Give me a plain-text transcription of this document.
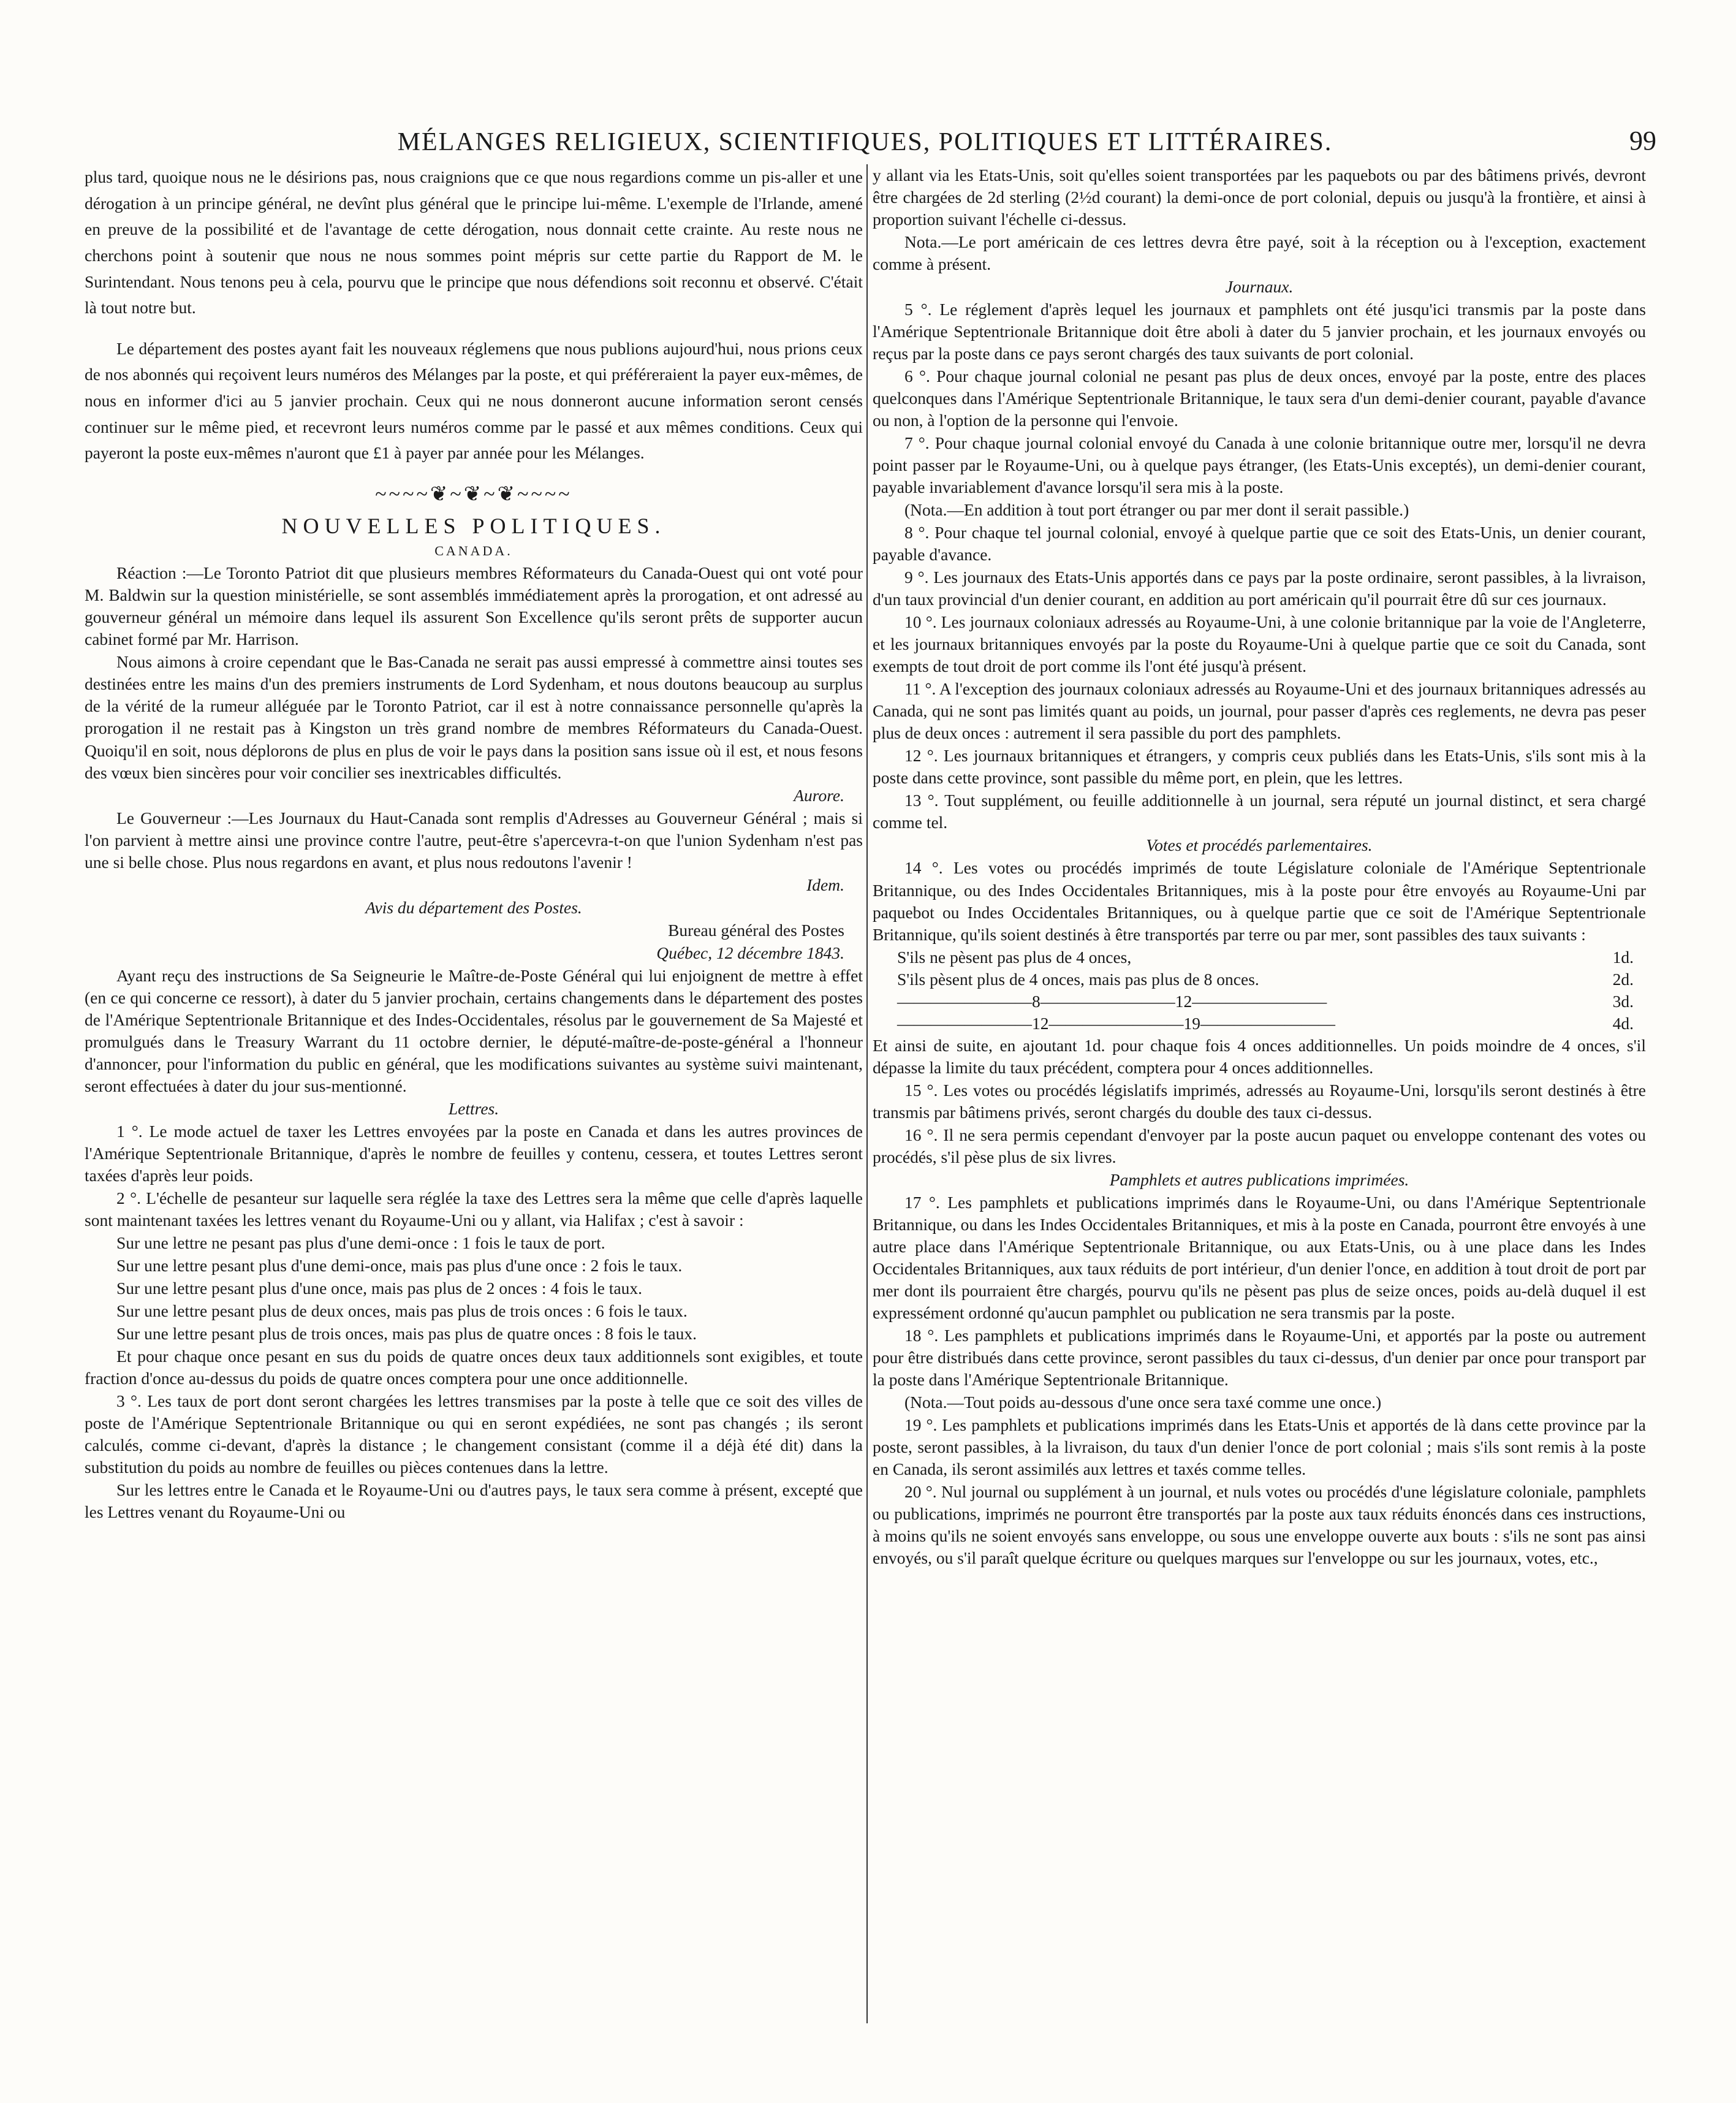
MÉLANGES RELIGIEUX, SCIENTIFIQUES, POLITIQUES ET LITTÉRAIRES.	99

plus tard, quoique nous ne le désirions pas, nous craignions que ce que nous regardions comme un pis-aller et une dérogation à un principe général, ne devînt plus général que le principe lui-même. L'exemple de l'Irlande, amené en preuve de la possibilité et de l'avantage de cette dérogation, nous donnait cette crainte. Au reste nous ne cherchons point à soutenir que nous ne nous sommes point mépris sur cette partie du Rapport de M. le Surintendant. Nous tenons peu à cela, pourvu que le principe que nous défendions soit reconnu et observé. C'était là tout notre but.

Le département des postes ayant fait les nouveaux réglemens que nous publions aujourd'hui, nous prions ceux de nos abonnés qui reçoivent leurs numéros des Mélanges par la poste, et qui préféreraient la payer eux-mêmes, de nous en informer d'ici au 5 janvier prochain. Ceux qui ne nous donneront aucune information seront censés continuer sur le même pied, et recevront leurs numéros comme par le passé et aux mêmes conditions. Ceux qui payeront la poste eux-mêmes n'auront que £1 à payer par année pour les Mélanges.

~~~~❦~❦~❦~~~~
NOUVELLES POLITIQUES.
CANADA.

Réaction :—Le Toronto Patriot dit que plusieurs membres Réformateurs du Canada-Ouest qui ont voté pour M. Baldwin sur la question ministérielle, se sont assemblés immédiatement après la prorogation, et ont adressé au gouverneur général un mémoire dans lequel ils assurent Son Excellence qu'ils seront prêts de supporter aucun cabinet formé par Mr. Harrison.

Nous aimons à croire cependant que le Bas-Canada ne serait pas aussi empressé à commettre ainsi toutes ses destinées entre les mains d'un des premiers instruments de Lord Sydenham, et nous doutons beaucoup au surplus de la vérité de la rumeur alléguée par le Toronto Patriot, car il est à notre connaissance personnelle qu'après la prorogation il ne restait pas à Kingston un très grand nombre de membres Réformateurs du Canada-Ouest. Quoiqu'il en soit, nous déplorons de plus en plus de voir le pays dans la position sans issue où il est, et nous fesons des vœux bien sincères pour voir concilier ses inextricables difficultés.

Aurore.

Le Gouverneur :—Les Journaux du Haut-Canada sont remplis d'Adresses au Gouverneur Général ; mais si l'on parvient à mettre ainsi une province contre l'autre, peut-être s'apercevra-t-on que l'union Sydenham n'est pas une si belle chose. Plus nous regardons en avant, et plus nous redoutons l'avenir !

Idem.

Avis du département des Postes.

Bureau général des Postes

Québec, 12 décembre 1843.

Ayant reçu des instructions de Sa Seigneurie le Maître-de-Poste Général qui lui enjoignent de mettre à effet (en ce qui concerne ce ressort), à dater du 5 janvier prochain, certains changements dans le département des postes de l'Amérique Septentrionale Britannique et des Indes-Occidentales, résolus par le gouvernement de Sa Majesté et promulgués dans le Treasury Warrant du 11 octobre dernier, le député-maître-de-poste-général a l'honneur d'annoncer, pour l'information du public en général, que les modifications suivantes au système suivi maintenant, seront effectuées à dater du jour sus-mentionné.

Lettres.

1 °. Le mode actuel de taxer les Lettres envoyées par la poste en Canada et dans les autres provinces de l'Amérique Septentrionale Britannique, d'après le nombre de feuilles y contenu, cessera, et toutes Lettres seront taxées d'après leur poids.

2 °. L'échelle de pesanteur sur laquelle sera réglée la taxe des Lettres sera la même que celle d'après laquelle sont maintenant taxées les lettres venant du Royaume-Uni ou y allant, via Halifax ; c'est à savoir :

Sur une lettre ne pesant pas plus d'une demi-once : 1 fois le taux de port.

Sur une lettre pesant plus d'une demi-once, mais pas plus d'une once : 2 fois le taux.

Sur une lettre pesant plus d'une once, mais pas plus de 2 onces : 4 fois le taux.

Sur une lettre pesant plus de deux onces, mais pas plus de trois onces : 6 fois le taux.

Sur une lettre pesant plus de trois onces, mais pas plus de quatre onces : 8 fois le taux.

Et pour chaque once pesant en sus du poids de quatre onces deux taux additionnels sont exigibles, et toute fraction d'once au-dessus du poids de quatre onces comptera pour une once additionnelle.

3 °. Les taux de port dont seront chargées les lettres transmises par la poste à telle que ce soit des villes de poste de l'Amérique Septentrionale Britannique ou qui en seront expédiées, ne sont pas changés ; ils seront calculés, comme ci-devant, d'après la distance ; le changement consistant (comme il a déjà été dit) dans la substitution du poids au nombre de feuilles ou pièces contenues dans la lettre.

Sur les lettres entre le Canada et le Royaume-Uni ou d'autres pays, le taux sera comme à présent, excepté que les Lettres venant du Royaume-Uni ou

y allant via les Etats-Unis, soit qu'elles soient transportées par les paquebots ou par des bâtimens privés, devront être chargées de 2d sterling (2½d courant) la demi-once de port colonial, depuis ou jusqu'à la frontière, et ainsi à proportion suivant l'échelle ci-dessus.

Nota.—Le port américain de ces lettres devra être payé, soit à la réception ou à l'exception, exactement comme à présent.

Journaux.

5 °. Le réglement d'après lequel les journaux et pamphlets ont été jusqu'ici transmis par la poste dans l'Amérique Septentrionale Britannique doit être aboli à dater du 5 janvier prochain, et les journaux envoyés ou reçus par la poste dans ce pays seront chargés des taux suivants de port colonial.

6 °. Pour chaque journal colonial ne pesant pas plus de deux onces, envoyé par la poste, entre des places quelconques dans l'Amérique Septentrionale Britannique, le taux sera d'un demi-denier courant, payable d'avance ou non, à l'option de la personne qui l'envoie.

7 °. Pour chaque journal colonial envoyé du Canada à une colonie britannique outre mer, lorsqu'il ne devra point passer par le Royaume-Uni, ou à quelque pays étranger, (les Etats-Unis exceptés), un demi-denier courant, payable invariablement d'avance lorsqu'il sera mis à la poste.

(Nota.—En addition à tout port étranger ou par mer dont il serait passible.)

8 °. Pour chaque tel journal colonial, envoyé à quelque partie que ce soit des Etats-Unis, un denier courant, payable d'avance.

9 °. Les journaux des Etats-Unis apportés dans ce pays par la poste ordinaire, seront passibles, à la livraison, d'un taux provincial d'un denier courant, en addition au port américain qu'il pourrait être dû sur ces journaux.

10 °. Les journaux coloniaux adressés au Royaume-Uni, à une colonie britannique par la voie de l'Angleterre, et les journaux britanniques envoyés par la poste du Royaume-Uni à quelque partie que ce soit du Canada, sont exempts de tout droit de port comme ils l'ont été jusqu'à présent.

11 °. A l'exception des journaux coloniaux adressés au Royaume-Uni et des journaux britanniques adressés au Canada, qui ne sont pas limités quant au poids, un journal, pour passer d'après ces reglements, ne devra pas peser plus de deux onces : autrement il sera passible du port des pamphlets.

12 °. Les journaux britanniques et étrangers, y compris ceux publiés dans les Etats-Unis, s'ils sont mis à la poste dans cette province, sont passible du même port, en plein, que les lettres.

13 °. Tout supplément, ou feuille additionnelle à un journal, sera réputé un journal distinct, et sera chargé comme tel.

Votes et procédés parlementaires.

14 °. Les votes ou procédés imprimés de toute Législature coloniale de l'Amérique Septentrionale Britannique, ou des Indes Occidentales Britanniques, mis à la poste pour être envoyés au Royaume-Uni par paquebot ou Indes Occidentales Britanniques, ou à quelque partie que ce soit de l'Amérique Septentrionale Britannique, qu'ils soient destinés à être transportés par terre ou par mer, sont passibles des taux suivants :

S'ils ne pèsent pas plus de 4 onces,	1d.
S'ils pèsent plus de 4 onces, mais pas plus de 8 onces.	2d.
————————8————————12————————	3d.
————————12————————19————————	4d.

Et ainsi de suite, en ajoutant 1d. pour chaque fois 4 onces additionnelles. Un poids moindre de 4 onces, s'il dépasse la limite du taux précédent, comptera pour 4 onces additionnelles.

15 °. Les votes ou procédés législatifs imprimés, adressés au Royaume-Uni, lorsqu'ils seront destinés à être transmis par bâtimens privés, seront chargés du double des taux ci-dessus.

16 °. Il ne sera permis cependant d'envoyer par la poste aucun paquet ou enveloppe contenant des votes ou procédés, s'il pèse plus de six livres.

Pamphlets et autres publications imprimées.

17 °. Les pamphlets et publications imprimés dans le Royaume-Uni, ou dans l'Amérique Septentrionale Britannique, ou dans les Indes Occidentales Britanniques, et mis à la poste en Canada, pourront être envoyés à une autre place dans l'Amérique Septentrionale Britannique, ou aux Etats-Unis, ou à une place dans les Indes Occidentales Britanniques, aux taux réduits de port intérieur, d'un denier l'once, en addition à tout droit de port par mer dont ils pourraient être chargés, pourvu qu'ils ne pèsent pas plus de seize onces, poids au-delà duquel il est expressément ordonné qu'aucun pamphlet ou publication ne sera transmis par la poste.

18 °. Les pamphlets et publications imprimés dans le Royaume-Uni, et apportés par la poste ou autrement pour être distribués dans cette province, seront passibles du taux ci-dessus, d'un denier par once pour transport par la poste dans l'Amérique Septentrionale Britannique.

(Nota.—Tout poids au-dessous d'une once sera taxé comme une once.)

19 °. Les pamphlets et publications imprimés dans les Etats-Unis et apportés de là dans cette province par la poste, seront passibles, à la livraison, du taux d'un denier l'once de port colonial ; mais s'ils sont remis à la poste en Canada, ils seront assimilés aux lettres et taxés comme telles.

20 °. Nul journal ou supplément à un journal, et nuls votes ou procédés d'une législature coloniale, pamphlets ou publications, imprimés ne pourront être transportés par la poste aux taux réduits énoncés dans ces instructions, à moins qu'ils ne soient envoyés sans enveloppe, ou sous une enveloppe ouverte aux bouts : s'ils ne sont pas ainsi envoyés, ou s'il paraît quelque écriture ou quelques marques sur l'enveloppe ou sur les journaux, votes, etc.,
